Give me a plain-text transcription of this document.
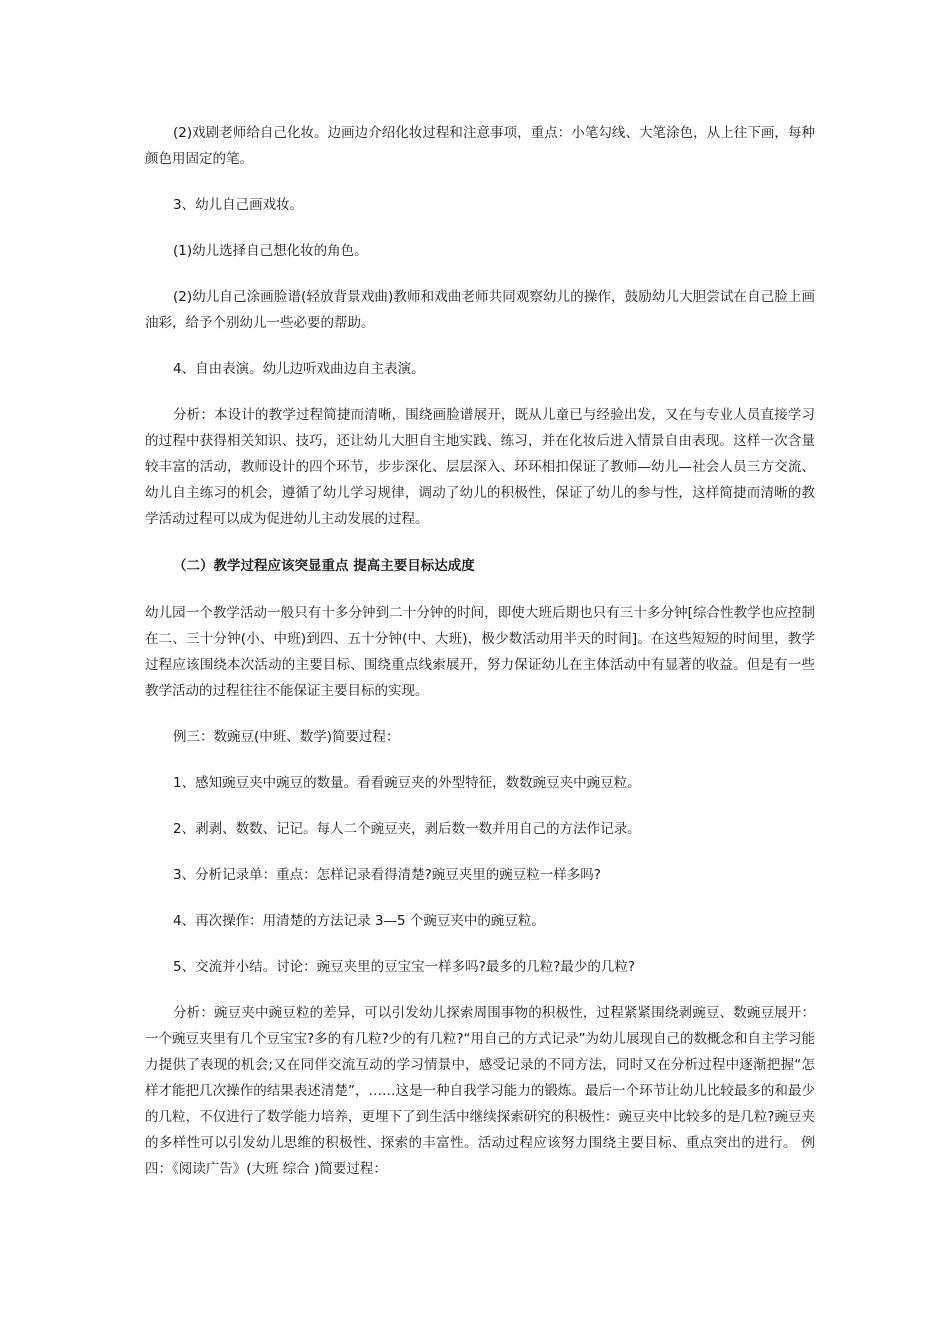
(2)戏剧老师给自己化妆。边画边介绍化妆过程和注意事项，重点：小笔勾线、大笔涂色，从上往下画，每种颜色用固定的笔。

3、幼儿自己画戏妆。

(1)幼儿选择自己想化妆的角色。

(2)幼儿自己涂画脸谱(轻放背景戏曲)教师和戏曲老师共同观察幼儿的操作，鼓励幼儿大胆尝试在自己脸上画油彩，给予个别幼儿一些必要的帮助。

4、自由表演。幼儿边听戏曲边自主表演。

分析：本设计的教学过程简捷而清晰，围绕画脸谱展开，既从儿童已与经验出发，又在与专业人员直接学习的过程中获得相关知识、技巧，还让幼儿大胆自主地实践、练习，并在化妆后进入情景自由表现。这样一次含量较丰富的活动，教师设计的四个环节，步步深化、层层深入、环环相扣保证了教师—幼儿—社会人员三方交流、幼儿自主练习的机会，遵循了幼儿学习规律，调动了幼儿的积极性，保证了幼儿的参与性，这样简捷而清晰的教学活动过程可以成为促进幼儿主动发展的过程。

（二）教学过程应该突显重点 提高主要目标达成度

幼儿园一个教学活动一般只有十多分钟到二十分钟的时间，即使大班后期也只有三十多分钟[综合性教学也应控制在二、三十分钟(小、中班)到四、五十分钟(中、大班)，极少数活动用半天的时间]。在这些短短的时间里，教学过程应该围绕本次活动的主要目标、围绕重点线索展开，努力保证幼儿在主体活动中有显著的收益。但是有一些教学活动的过程往往不能保证主要目标的实现。

例三：数豌豆(中班、数学)简要过程：

1、感知豌豆夹中豌豆的数量。看看豌豆夹的外型特征，数数豌豆夹中豌豆粒。

2、剥剥、数数、记记。每人二个豌豆夹，剥后数一数并用自己的方法作记录。

3、分析记录单：重点：怎样记录看得清楚?豌豆夹里的豌豆粒一样多吗?

4、再次操作：用清楚的方法记录 3—5 个豌豆夹中的豌豆粒。

5、交流并小结。讨论：豌豆夹里的豆宝宝一样多吗?最多的几粒?最少的几粒?

分析：豌豆夹中豌豆粒的差异，可以引发幼儿探索周围事物的积极性，过程紧紧围绕剥豌豆、数豌豆展开：一个豌豆夹里有几个豆宝宝?多的有几粒?少的有几粒?“用自己的方式记录”为幼儿展现自己的数概念和自主学习能力提供了表现的机会;又在同伴交流互动的学习情景中，感受记录的不同方法，同时又在分析过程中逐渐把握“怎样才能把几次操作的结果表述清楚”，……这是一种自我学习能力的锻炼。最后一个环节让幼儿比较最多的和最少的几粒，不仅进行了数学能力培养，更埋下了到生活中继续探索研究的积极性：豌豆夹中比较多的是几粒?豌豆夹的多样性可以引发幼儿思维的积极性、探索的丰富性。活动过程应该努力围绕主要目标、重点突出的进行。 例四：《阅读广告》(大班 综合 )简要过程：
